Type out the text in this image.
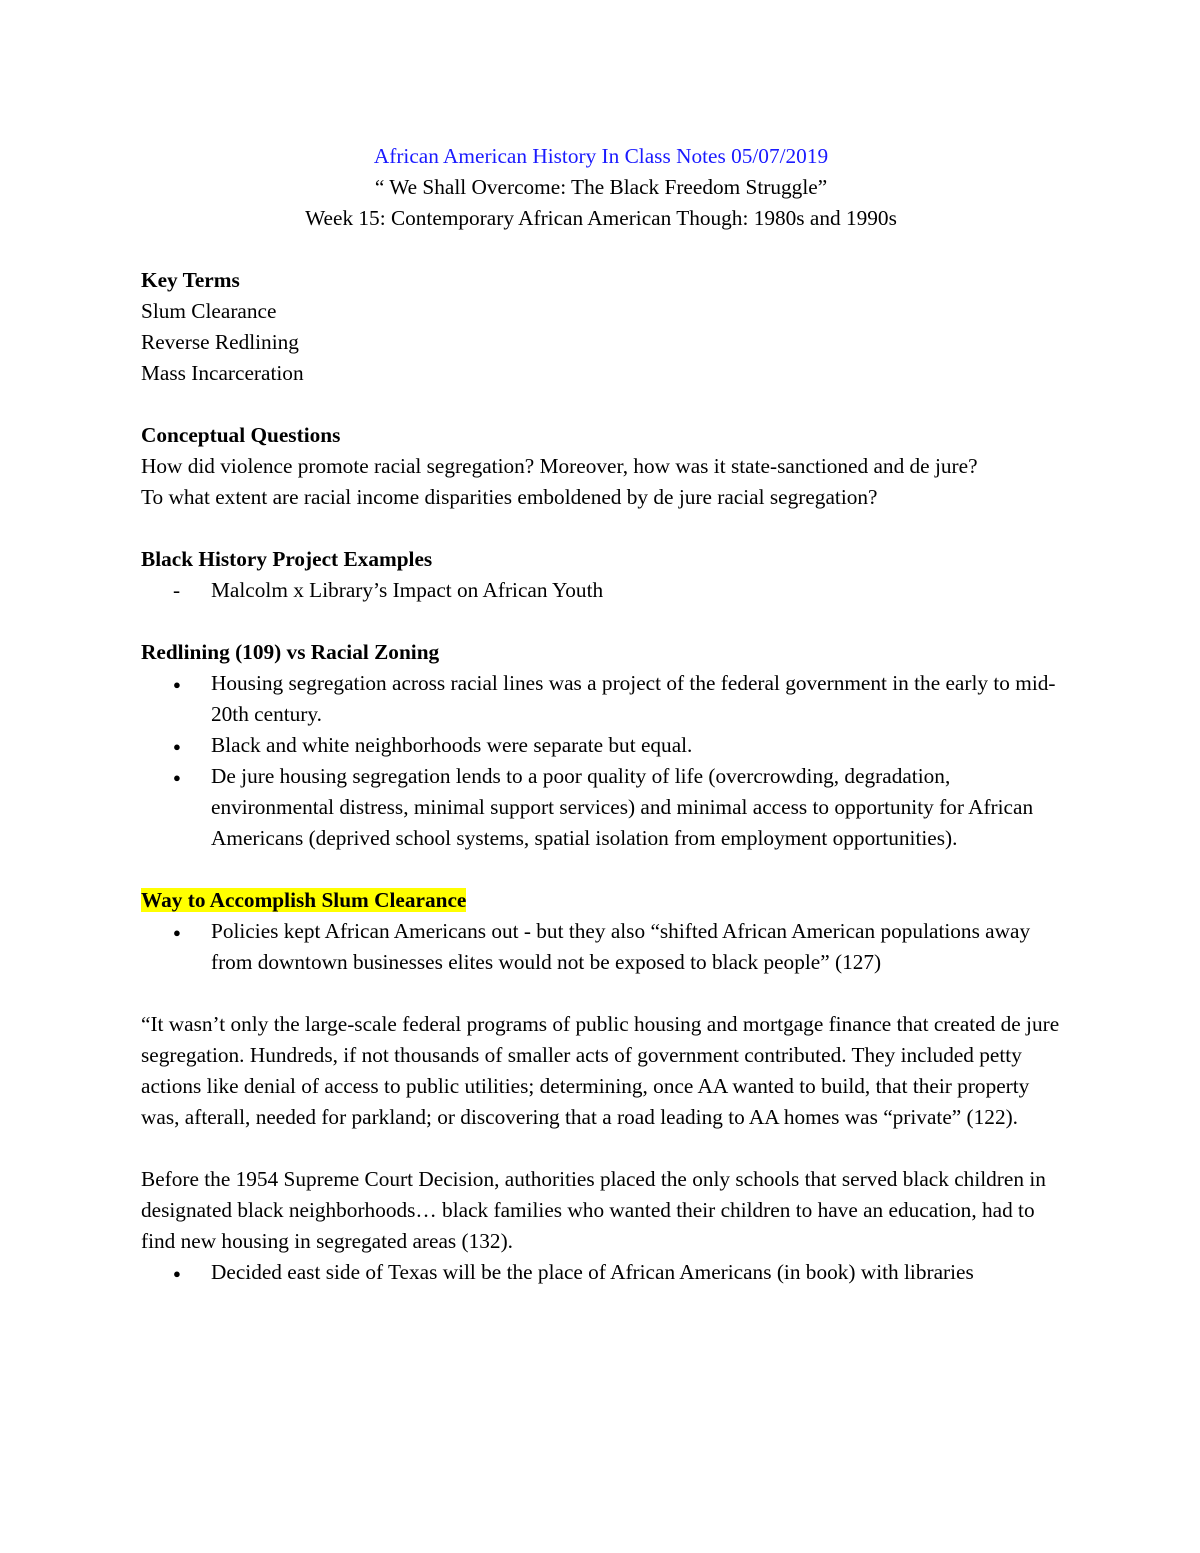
African American History In Class Notes 05/07/2019
“ We Shall Overcome: The Black Freedom Struggle”
Week 15: Contemporary African American Though: 1980s and 1990s
Key Terms
Slum Clearance
Reverse Redlining
Mass Incarceration
Conceptual Questions
How did violence promote racial segregation? Moreover, how was it state-sanctioned and de jure?
To what extent are racial income disparities emboldened by de jure racial segregation?
Black History Project Examples
- Malcolm x Library’s Impact on African Youth
Redlining (109) vs Racial Zoning
● Housing segregation across racial lines was a project of the federal government in the early to mid- 20th century.
● Black and white neighborhoods were separate but equal.
● De jure housing segregation lends to a poor quality of life (overcrowding, degradation, environmental distress, minimal support services) and minimal access to opportunity for African Americans (deprived school systems, spatial isolation from employment opportunities).
Way to Accomplish Slum Clearance
● Policies kept African Americans out - but they also “shifted African American populations away from downtown businesses elites would not be exposed to black people” (127)

“It wasn’t only the large-scale federal programs of public housing and mortgage finance that created de jure segregation. Hundreds, if not thousands of smaller acts of government contributed. They included petty actions like denial of access to public utilities; determining, once AA wanted to build, that their property was, afterall, needed for parkland; or discovering that a road leading to AA homes was “private” (122).

Before the 1954 Supreme Court Decision, authorities placed the only schools that served black children in designated black neighborhoods… black families who wanted their children to have an education, had to find new housing in segregated areas (132).

● Decided east side of Texas will be the place of African Americans (in book) with libraries
